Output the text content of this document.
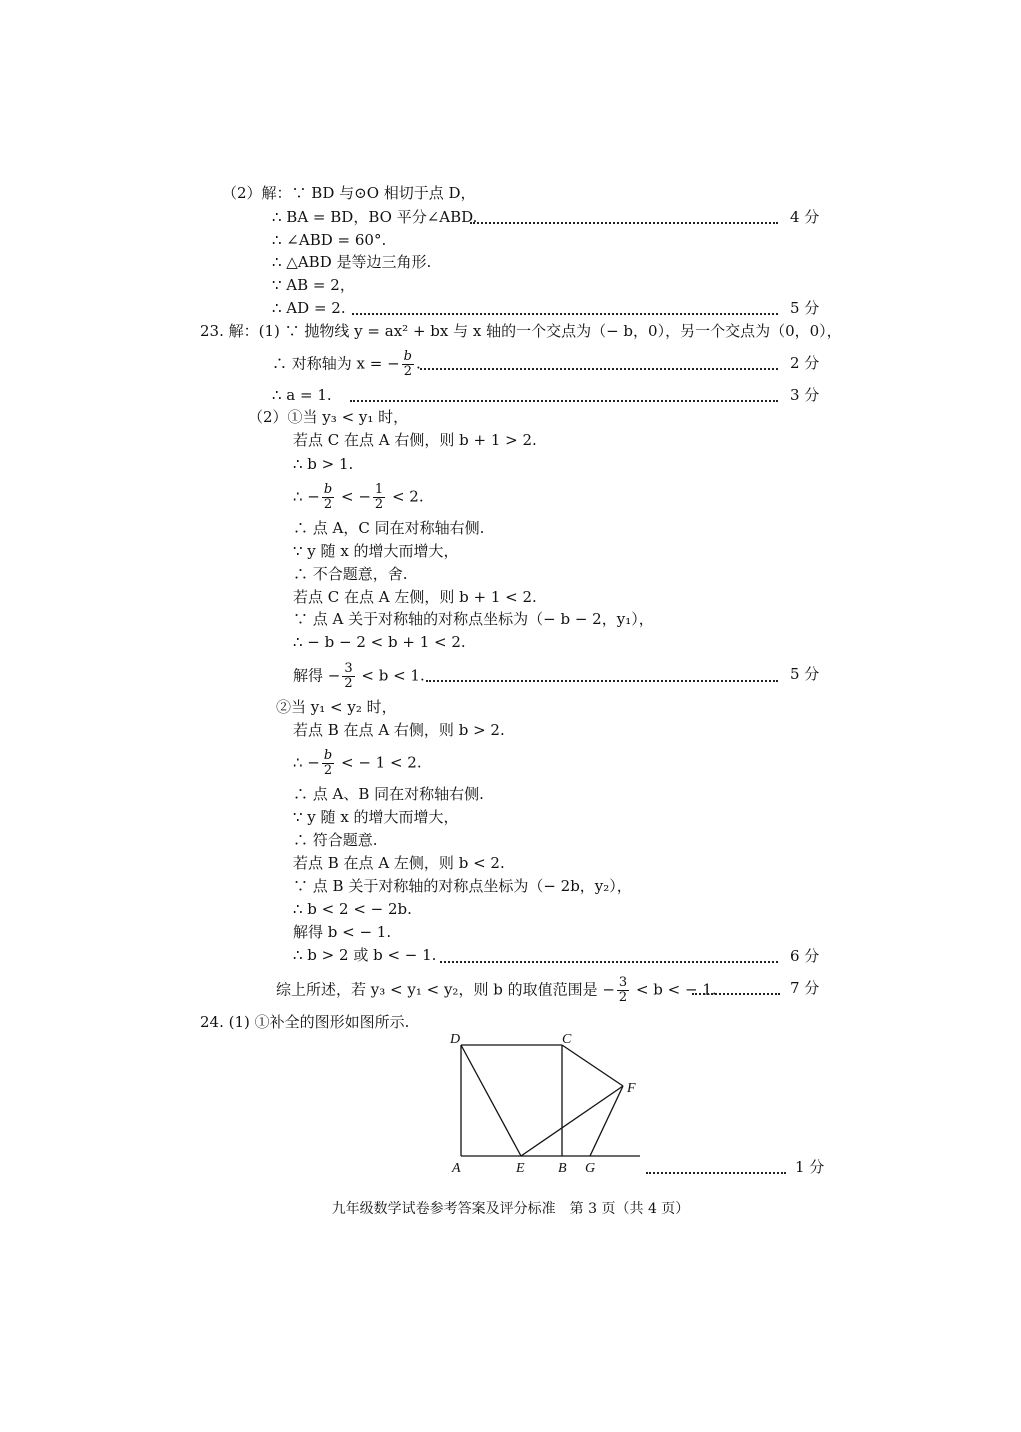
（2）解：∵ BD 与⊙O 相切于点 D，
∴ BA = BD，BO 平分∠ABD.	4 分
∴ ∠ABD = 60°.
∴ △ABD 是等边三角形.
∵ AB = 2，
∴ AD = 2.	5 分
23. 解：(1) ∵ 抛物线 y = ax² + bx 与 x 轴的一个交点为（− b，0），另一个交点为（0，0），
∴ 对称轴为 x = − $\frac{b}{2}$ .	2 分
∴ a = 1.	3 分
（2）①当 y₃ < y₁ 时，
若点 C 在点 A 右侧，则 b + 1 > 2.
∴ b > 1.
∴ − $\frac{b}{2}$ < − $\frac{1}{2} < 2$.
∴ 点 A，C 同在对称轴右侧.
∵ y 随 x 的增大而增大，
∴ 不合题意，舍.
若点 C 在点 A 左侧，则 b + 1 < 2.
∵ 点 A 关于对称轴的对称点坐标为（− b − 2，y₁），
∴ − b − 2 < b + 1 < 2.
解得 − $\frac{3}{2} < b < 1$.	5 分
②当 y₁ < y₂ 时，
若点 B 在点 A 右侧，则 b > 2.
∴ − $\frac{b}{2}$ < − 1 < 2.
∴ 点 A、B 同在对称轴右侧.
∵ y 随 x 的增大而增大，
∴ 符合题意.
若点 B 在点 A 左侧，则 b < 2.
∵ 点 B 关于对称轴的对称点坐标为（− 2b，y₂），
∴ b < 2 < − 2b.
解得 b < − 1.
∴ b > 2 或 b < − 1.	6 分
综上所述，若 y₃ < y₁ < y₂，则 b 的取值范围是 − $\frac{3}{2} < b$ < − 1.	7 分
24. (1) ①补全的图形如图所示.
D	C
F
A	E B G	1 分
九年级数学试卷参考答案及评分标准　第 3 页（共 4 页）
